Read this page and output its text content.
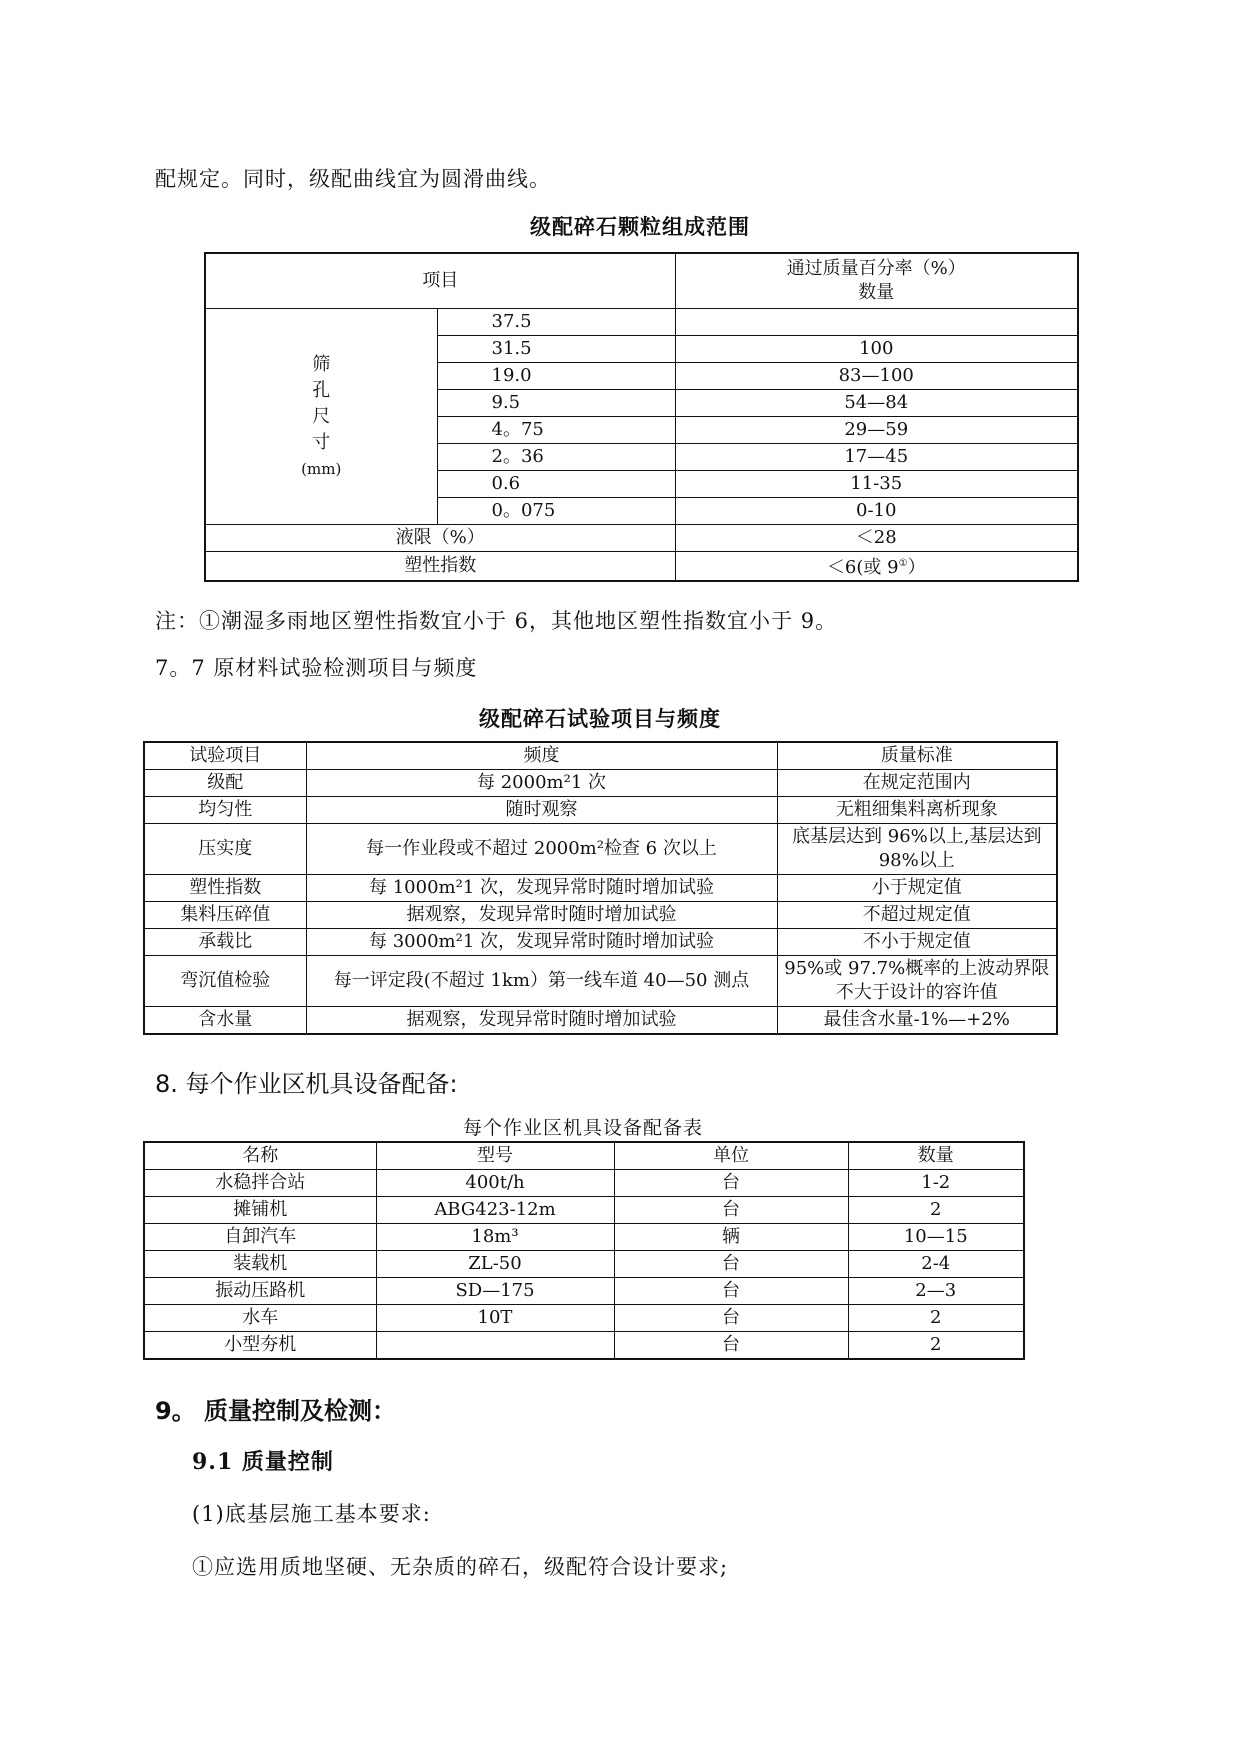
配规定。同时，级配曲线宜为圆滑曲线。
级配碎石颗粒组成范围
项目		通过质量百分率（%）
数量

筛
孔
尺
寸
(mm)	37.5	
	31.5	100
	19.0	83—100
	9.5	54—84
	4。75	29—59
	2。36	17—45
	0.6	11-35
	0。075	0-10
液限（%）		＜28
塑性指数		＜6(或 9①）
注：①潮湿多雨地区塑性指数宜小于 6，其他地区塑性指数宜小于 9。
7。7 原材料试验检测项目与频度
级配碎石试验项目与频度
试验项目	频度	质量标准
级配	每 2000m²1 次	在规定范围内
均匀性	随时观察	无粗细集料离析现象
压实度	每一作业段或不超过 2000m²检查 6 次以上	底基层达到 96%以上,基层达到 98%以上
塑性指数	每 1000m²1 次，发现异常时随时增加试验	小于规定值
集料压碎值	据观察，发现异常时随时增加试验	不超过规定值
承载比	每 3000m²1 次，发现异常时随时增加试验	不小于规定值
弯沉值检验	每一评定段(不超过 1km）第一线车道 40—50 测点	95%或 97.7%概率的上波动界限不大于设计的容许值
含水量	据观察，发现异常时随时增加试验	最佳含水量-1%—+2%
8. 每个作业区机具设备配备:
每个作业区机具设备配备表
名称	型号	单位	数量
水稳拌合站	400t/h	台	1-2
摊铺机	ABG423-12m	台	2
自卸汽车	18m³	辆	10—15
装载机	ZL-50	台	2-4
振动压路机	SD—175	台	2—3
水车	10T	台	2
小型夯机		台	2
9。 质量控制及检测：
9.1 质量控制
(1)底基层施工基本要求:
①应选用质地坚硬、无杂质的碎石，级配符合设计要求;
